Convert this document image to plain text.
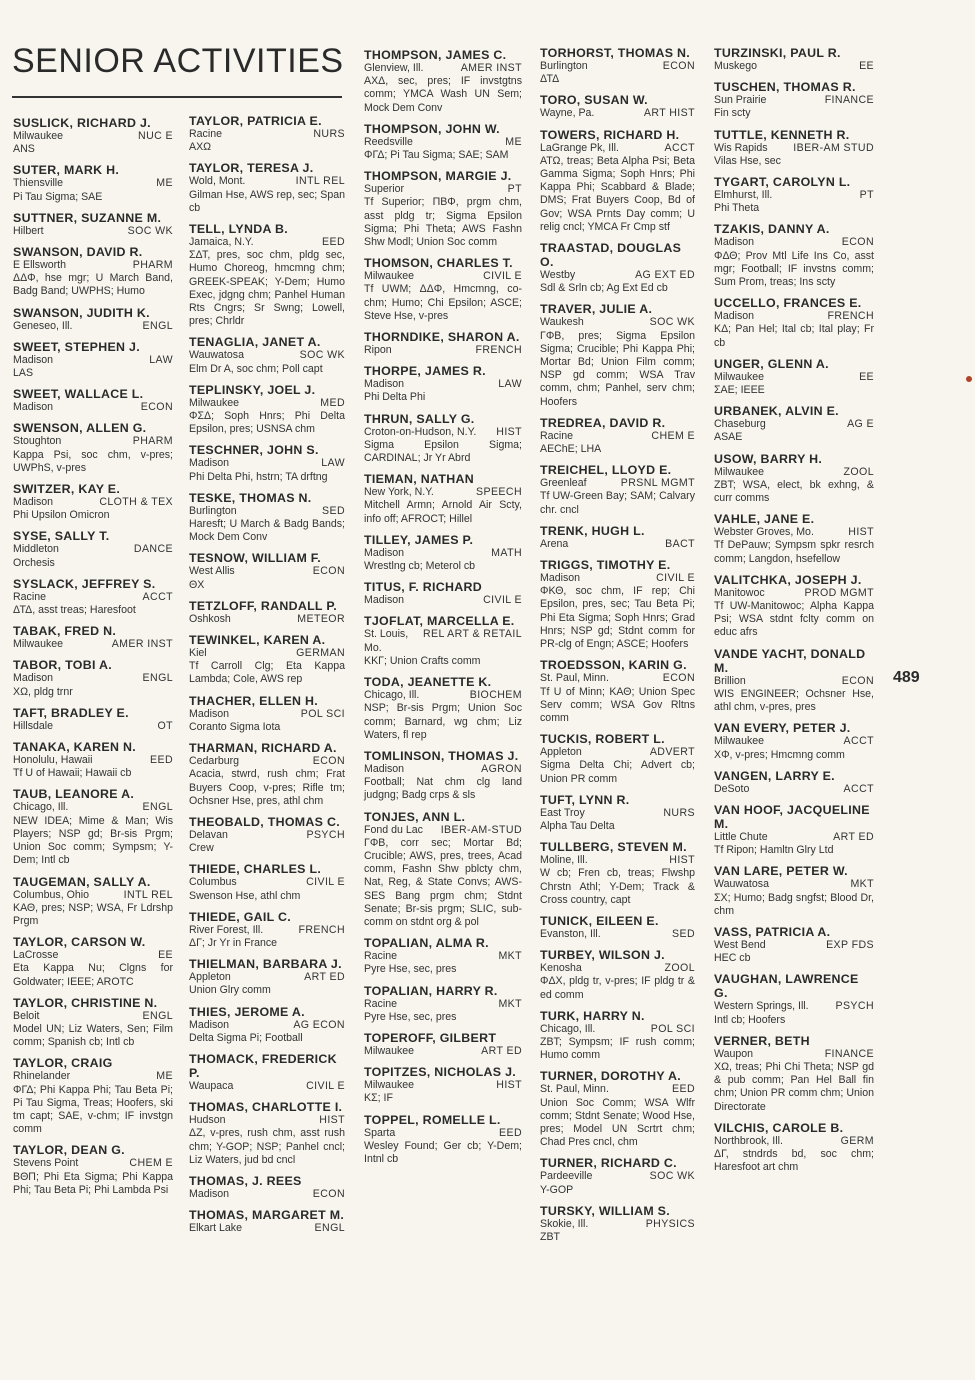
SENIOR ACTIVITIES
SUSLICK, RICHARD J.
Milwaukee	NUC E
ANS
SUTER, MARK H.
Thiensville	ME
Pi Tau Sigma; SAE
SUTTNER, SUZANNE M.
Hilbert	SOC WK
SWANSON, DAVID R.
E Ellsworth	PHARM
ΔΔΦ, hse mgr; U March Band, Badg Band; UWPHS; Humo
SWANSON, JUDITH K.
Geneseo, Ill.	ENGL
SWEET, STEPHEN J.
Madison	LAW
LAS
SWEET, WALLACE L.
Madison	ECON
SWENSON, ALLEN G.
Stoughton	PHARM
Kappa Psi, soc chm, v-pres; UWPhS, v-pres
SWITZER, KAY E.
Madison	CLOTH & TEX
Phi Upsilon Omicron
SYSE, SALLY T.
Middleton	DANCE
Orchesis
SYSLACK, JEFFREY S.
Racine	ACCT
ΔΤΔ, asst treas; Haresfoot
TABAK, FRED N.
Milwaukee	AMER INST
TABOR, TOBI A.
Madison	ENGL
ΧΩ, pldg trnr
TAFT, BRADLEY E.
Hillsdale	OT
TANAKA, KAREN N.
Honolulu, Hawaii	EED
Tf U of Hawaii; Hawaii cb
TAUB, LEANORE A.
Chicago, Ill.	ENGL
NEW IDEA; Mime & Man; Wis Players; NSP gd; Br-sis Prgm; Union Soc comm; Sympsm; Y-Dem; Intl cb
TAUGEMAN, SALLY A.
Columbus, Ohio	INTL REL
ΚΑΘ, pres; NSP; WSA, Fr Ldrshp Prgm
TAYLOR, CARSON W.
LaCrosse	EE
Eta Kappa Nu; Clgns for Goldwater; IEEE; AROTC
TAYLOR, CHRISTINE N.
Beloit	ENGL
Model UN; Liz Waters, Sen; Film comm; Spanish cb; Intl cb
TAYLOR, CRAIG
Rhinelander	ME
ΦΓΔ; Phi Kappa Phi; Tau Beta Pi; Pi Tau Sigma, Treas; Hoofers, ski tm capt; SAE, v-chm; IF invstgn comm
TAYLOR, DEAN G.
Stevens Point	CHEM E
ΒΘΠ; Phi Eta Sigma; Phi Kappa Phi; Tau Beta Pi; Phi Lambda Psi
TAYLOR, PATRICIA E.
Racine	NURS
ΑΧΩ
TAYLOR, TERESA J.
Wold, Mont.	INTL REL
Gilman Hse, AWS rep, sec; Span cb
TELL, LYNDA B.
Jamaica, N.Y.	EED
ΣΔΤ, pres, soc chm, pldg sec, Humo Choreog, hmcmng chm; GREEK-SPEAK; Y-Dem; Humo Exec, jdgng chm; Panhel Human Rts Cngrs; Sr Swng; Lowell, pres; Chrldr
TENAGLIA, JANET A.
Wauwatosa	SOC WK
Elm Dr A, soc chm; Poll capt
TEPLINSKY, JOEL J.
Milwaukee	MED
ΦΣΔ; Soph Hnrs; Phi Delta Epsilon, pres; USNSA chm
TESCHNER, JOHN S.
Madison	LAW
Phi Delta Phi, hstrn; TA drftng
TESKE, THOMAS N.
Burlington	SED
Haresft; U March & Badg Bands; Mock Dem Conv
TESNOW, WILLIAM F.
West Allis	ECON
ΘΧ
TETZLOFF, RANDALL P.
Oshkosh	METEOR
TEWINKEL, KAREN A.
Kiel	GERMAN
Tf Carroll Clg; Eta Kappa Lambda; Cole, AWS rep
THACHER, ELLEN H.
Madison	POL SCI
Coranto Sigma Iota
THARMAN, RICHARD A.
Cedarburg	ECON
Acacia, stwrd, rush chm; Frat Buyers Coop, v-pres; Rifle tm; Ochsner Hse, pres, athl chm
THEOBALD, THOMAS C.
Delavan	PSYCH
Crew
THIEDE, CHARLES L.
Columbus	CIVIL E
Swenson Hse, athl chm
THIEDE, GAIL C.
River Forest, Ill.	FRENCH
ΔΓ; Jr Yr in France
THIELMAN, BARBARA J.
Appleton	ART ED
Union Glry comm
THIES, JEROME A.
Madison	AG ECON
Delta Sigma Pi; Football
THOMACK, FREDERICK P.
Waupaca	CIVIL E
THOMAS, CHARLOTTE I.
Hudson	HIST
ΔΖ, v-pres, rush chm, asst rush chm; Y-GOP; NSP; Panhel cncl; Liz Waters, jud bd cncl
THOMAS, J. REES
Madison	ECON
THOMAS, MARGARET M.
Elkart Lake	ENGL
THOMPSON, JAMES C.
Glenview, Ill.	AMER INST
ΑΧΔ, sec, pres; IF invstgtns comm; YMCA Wash UN Sem; Mock Dem Conv
THOMPSON, JOHN W.
Reedsville	ME
ΦΓΔ; Pi Tau Sigma; SAE; SAM
THOMPSON, MARGIE J.
Superior	PT
Tf Superior; ΠΒΦ, prgm chm, asst pldg tr; Sigma Epsilon Sigma; Phi Theta; AWS Fashn Shw Modl; Union Soc comm
THOMSON, CHARLES T.
Milwaukee	CIVIL E
Tf UWM; ΔΔΦ, Hmcmng, co-chm; Humo; Chi Epsilon; ASCE; Steve Hse, v-pres
THORNDIKE, SHARON A.
Ripon	FRENCH
THORPE, JAMES R.
Madison	LAW
Phi Delta Phi
THRUN, SALLY G.
Croton-on-Hudson, N.Y. HIST
Sigma Epsilon Sigma; CARDINAL; Jr Yr Abrd
TIEMAN, NATHAN
New York, N.Y.	SPEECH
Mitchell Armn; Arnold Air Scty, info off; AFROCT; Hillel
TILLEY, JAMES P.
Madison	MATH
Wrestlng cb; Meterol cb
TITUS, F. RICHARD
Madison	CIVIL E
TJOFLAT, MARCELLA E.
St. Louis, Mo.
REL ART & RETAIL
ΚΚΓ; Union Crafts comm
TODA, JEANETTE K.
Chicago, Ill.	BIOCHEM
NSP; Br-sis Prgm; Union Soc comm; Barnard, wg chm; Liz Waters, fl rep
TOMLINSON, THOMAS J.
Madison	AGRON
Football; Nat chm clg land judgng; Badg crps & sls
TONJES, ANN L.
Fond du Lac IBER-AM-STUD
ΓΦΒ, corr sec; Mortar Bd; Crucible; AWS, pres, trees, Acad comm, Fashn Shw pblcty chm, Nat, Reg, & State Convs; AWS-SES Bang prgm chm; Stdnt Senate; Br-sis prgm; SLIC, sub-comm on stdnt org & pol
TOPALIAN, ALMA R.
Racine	MKT
Pyre Hse, sec, pres
TOPALIAN, HARRY R.
Racine	MKT
Pyre Hse, sec, pres
TOPEROFF, GILBERT
Milwaukee	ART ED
TOPITZES, NICHOLAS J.
Milwaukee	HIST
ΚΣ; IF
TOPPEL, ROMELLE L.
Sparta	EED
Wesley Found; Ger cb; Y-Dem; Intnl cb
TORHORST, THOMAS N.
Burlington	ECON
ΔΤΔ
TORO, SUSAN W.
Wayne, Pa.	ART HIST
TOWERS, RICHARD H.
LaGrange Pk, Ill.	ACCT
ΑΤΩ, treas; Beta Alpha Psi; Beta Gamma Sigma; Soph Hnrs; Phi Kappa Phi; Scabbard & Blade; DMS; Frat Buyers Coop, Bd of Gov; WSA Prnts Day comm; U relig cncl; YMCA Fr Cmp stf
TRAASTAD, DOUGLAS O.
Westby	AG EXT ED
Sdl & Srln cb; Ag Ext Ed cb
TRAVER, JULIE A.
Waukesh	SOC WK
ΓΦΒ, pres; Sigma Epsilon Sigma; Crucible; Phi Kappa Phi; Mortar Bd; Union Film comm; NSP gd comm; WSA Trav comm, chm; Panhel, serv chm; Hoofers
TREDREA, DAVID R.
Racine	CHEM E
AEChE; LHA
TREICHEL, LLOYD E.
Greenleaf	PRSNL MGMT
Tf UW-Green Bay; SAM; Calvary chr. cncl
TRENK, HUGH L.
Arena	BACT
TRIGGS, TIMOTHY E.
Madison	CIVIL E
ΦΚΘ, soc chm, IF rep; Chi Epsilon, pres, sec; Tau Beta Pi; Phi Eta Sigma; Soph Hnrs; Grad Hnrs; NSP gd; Stdnt comm for PR-clg of Engn; ASCE; Hoofers
TROEDSSON, KARIN G.
St. Paul, Minn.	ECON
Tf U of Minn; ΚΑΘ; Union Spec Serv comm; WSA Gov Rltns comm
TUCKIS, ROBERT L.
Appleton	ADVERT
Sigma Delta Chi; Advert cb; Union PR comm
TUFT, LYNN R.
East Troy	NURS
Alpha Tau Delta
TULLBERG, STEVEN M.
Moline, Ill.	HIST
W cb; Fren cb, treas; Flwshp Chrstn Athl; Y-Dem; Track & Cross country, capt
TUNICK, EILEEN E.
Evanston, Ill.	SED
TURBEY, WILSON J.
Kenosha	ZOOL
ΦΔΧ, pldg tr, v-pres; IF pldg tr & ed comm
TURK, HARRY N.
Chicago, Ill.	POL SCI
ΖΒΤ; Sympsm; IF rush comm; Humo comm
TURNER, DOROTHY A.
St. Paul, Minn.	EED
Union Soc Comm; WSA Wlfr comm; Stdnt Senate; Wood Hse, pres; Model UN Scrtrt chm; Chad Pres cncl, chm
TURNER, RICHARD C.
Pardeeville	SOC WK
Y-GOP
TURSKY, WILLIAM S.
Skokie, Ill.	PHYSICS
ΖΒΤ
TURZINSKI, PAUL R.
Muskego	EE
TUSCHEN, THOMAS R.
Sun Prairie	FINANCE
Fin scty
TUTTLE, KENNETH R.
Wis Rapids IBER-AM STUD
Vilas Hse, sec
TYGART, CAROLYN L.
Elmhurst, Ill.	PT
Phi Theta
TZAKIS, DANNY A.
Madison	ECON
ΦΔΘ; Prov Mtl Life Ins Co, asst mgr; Football; IF invstns comm; Sum Prom, treas; Ins scty
UCCELLO, FRANCES E.
Madison	FRENCH
ΚΔ; Pan Hel; Ital cb; Ital play; Fr cb
UNGER, GLENN A.
Milwaukee	EE
ΣΑΕ; IEEE
URBANEK, ALVIN E.
Chaseburg	AG E
ASAE
USOW, BARRY H.
Milwaukee	ZOOL
ΖΒΤ; WSA, elect, bk exhng, & curr comms
VAHLE, JANE E.
Webster Groves, Mo.	HIST
Tf DePauw; Sympsm spkr resrch comm; Langdon, hsefellow
VALITCHKA, JOSEPH J.
Manitowoc	PROD MGMT
Tf UW-Manitowoc; Alpha Kappa Psi; WSA stdnt fclty comm on educ afrs
VANDE YACHT, DONALD M.
Brillion	ECON
WIS ENGINEER; Ochsner Hse, athl chm, v-pres, pres
VAN EVERY, PETER J.
Milwaukee	ACCT
ΧΦ, v-pres; Hmcmng comm
VANGEN, LARRY E.
DeSoto	ACCT
VAN HOOF, JACQUELINE M.
Little Chute	ART ED
Tf Ripon; Hamltn Glry Ltd
VAN LARE, PETER W.
Wauwatosa	MKT
ΣΧ; Humo; Badg sngfst; Blood Dr, chm
VASS, PATRICIA A.
West Bend	EXP FDS
HEC cb
VAUGHAN, LAWRENCE G.
Western Springs, Ill.	PSYCH
Intl cb; Hoofers
VERNER, BETH
Waupon	FINANCE
ΧΩ, treas; Phi Chi Theta; NSP gd & pub comm; Pan Hel Ball fin chm; Union PR comm chm; Union Directorate
VILCHIS, CAROLE B.
Northbrook, Ill.	GERM
ΔΓ, stndrds bd, soc chm; Haresfoot art chm
489
